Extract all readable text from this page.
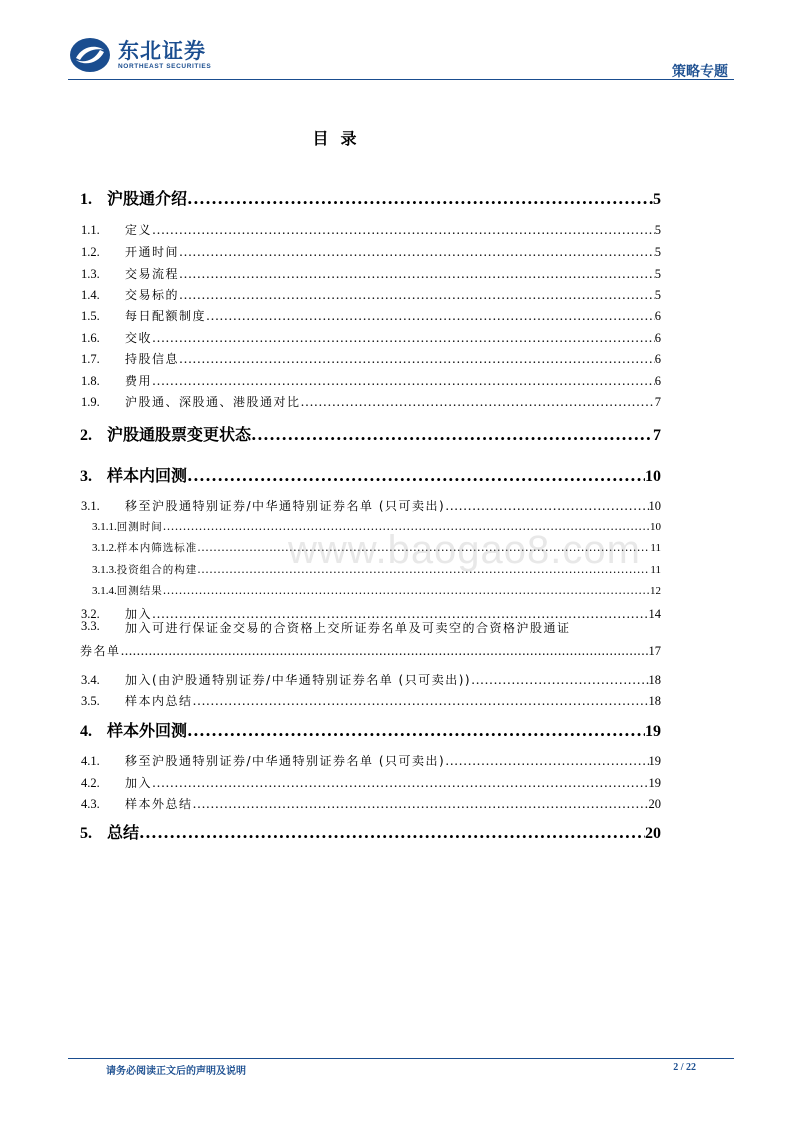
东北证券
NORTHEAST SECURITIES	策略专题
目录
1. 沪股通介绍 .....	5
1.1.	定义 .....	5
1.2.	开通时间 .....	5
1.3.	交易流程 .....	5
1.4.	交易标的 .....	5
1.5.	每日配额制度 .....	6
1.6.	交收 .....	6
1.7.	持股信息 .....	6
1.8.	费用 .....	6
1.9.	沪股通、深股通、港股通对比 .....	7
2. 沪股通股票变更状态 .....	7
3. 样本内回测 .....	10
3.1.	移至沪股通特别证券/中华通特别证券名单 (只可卖出) .....	10
3.1.1. 回测时间 .....	10
3.1.2. 样本内筛选标准 .....	11
3.1.3. 投资组合的构建 .....	11
3.1.4. 回测结果 .....	12
3.2.	加入 .....	14
3.3.	加入可进行保证金交易的合资格上交所证券名单及可卖空的合资格沪股通证
券名单 .....	17
3.4.	加入(由沪股通特别证券/中华通特别证券名单 (只可卖出)) .....	18
3.5.	样本内总结 .....	18
4. 样本外回测 .....	19
4.1.	移至沪股通特别证券/中华通特别证券名单 (只可卖出) .....	19
4.2.	加入 .....	19
4.3.	样本外总结 .....	20
5. 总结 .....	20
www.baogao8.com
请务必阅读正文后的声明及说明	2 / 22
